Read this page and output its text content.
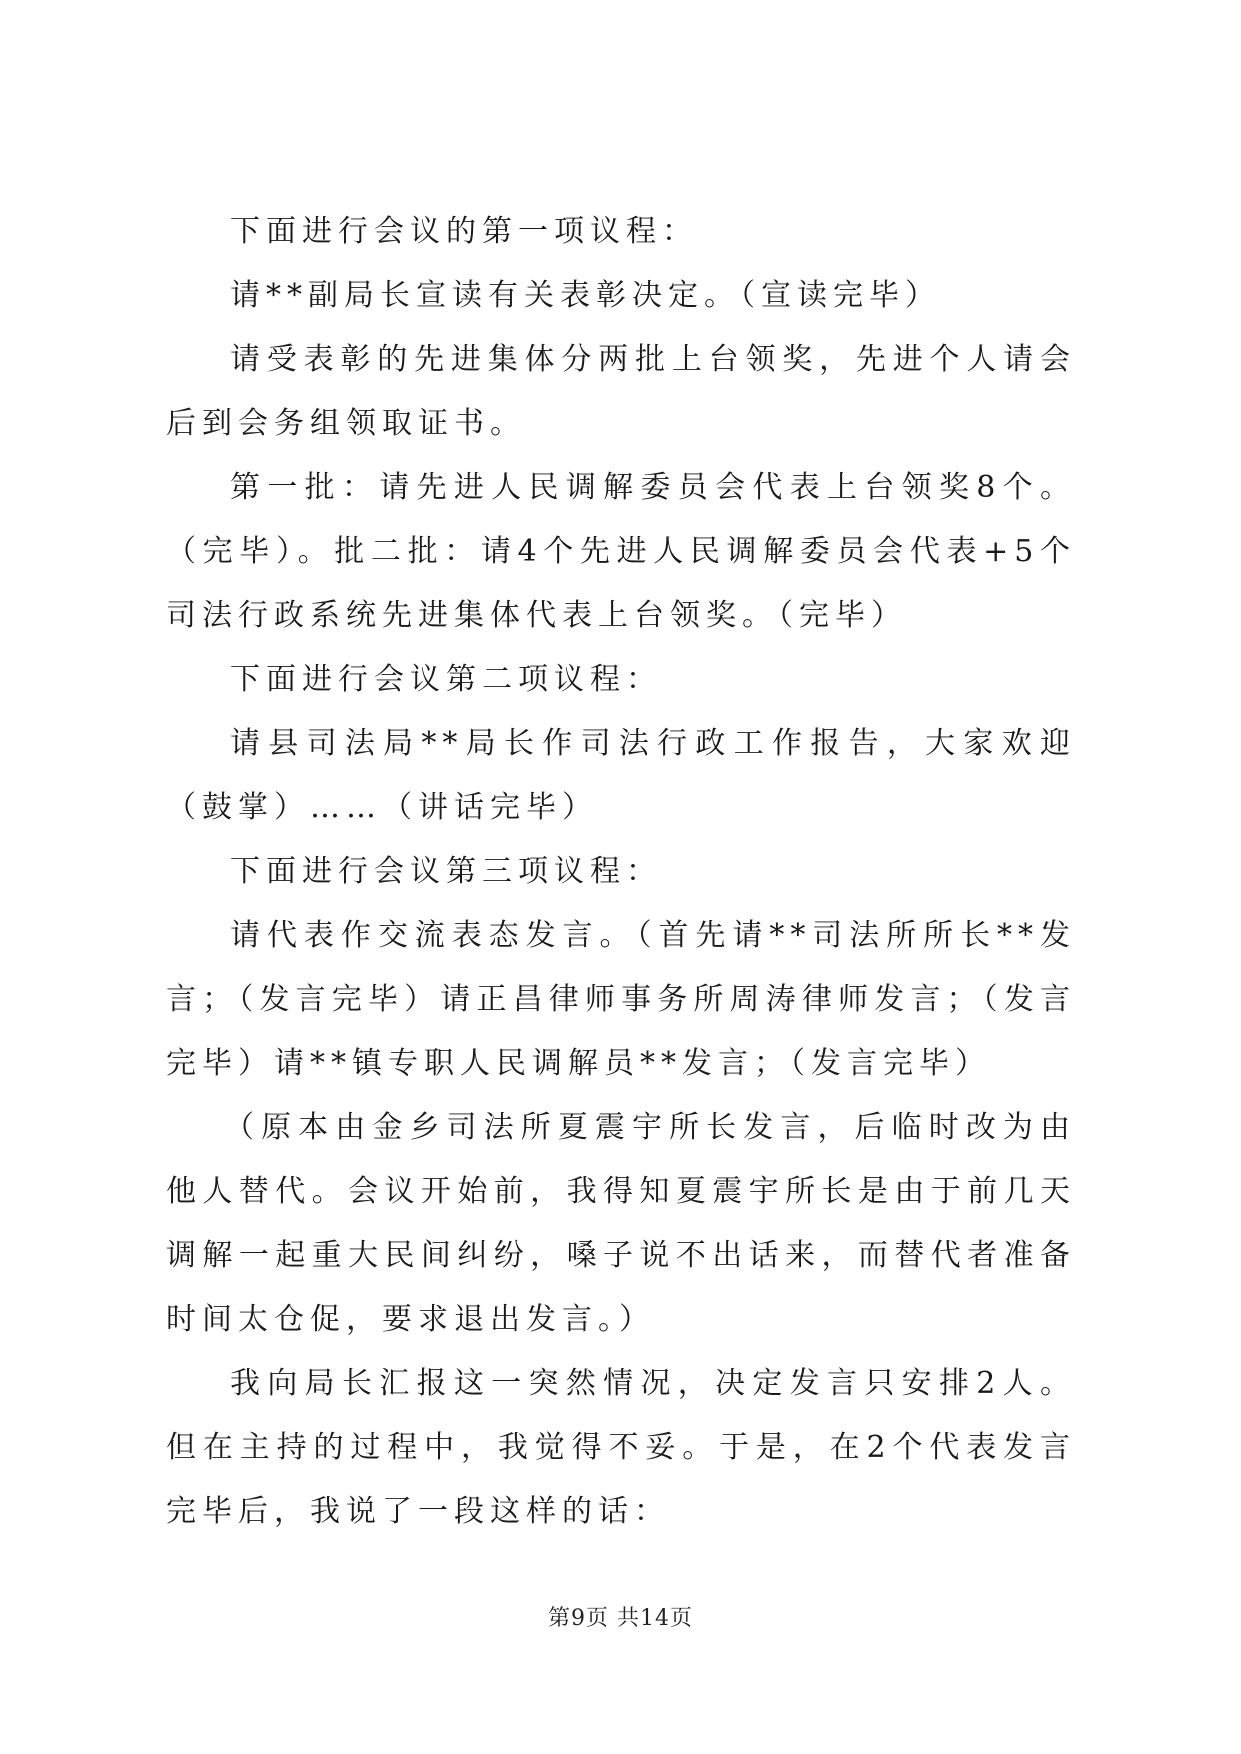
下面进行会议的第一项议程：

请**副局长宣读有关表彰决定。（宣读完毕）

请受表彰的先进集体分两批上台领奖，先进个人请会后到会务组领取证书。

第一批：请先进人民调解委员会代表上台领奖8个。（完毕）。批二批：请4个先进人民调解委员会代表+5个司法行政系统先进集体代表上台领奖。（完毕）

下面进行会议第二项议程：

请县司法局**局长作司法行政工作报告，大家欢迎（鼓掌）……（讲话完毕）

下面进行会议第三项议程：

请代表作交流表态发言。（首先请**司法所所长**发言；（发言完毕）请正昌律师事务所周涛律师发言；（发言完毕）请**镇专职人民调解员**发言；（发言完毕）

（原本由金乡司法所夏震宇所长发言，后临时改为由他人替代。会议开始前，我得知夏震宇所长是由于前几天调解一起重大民间纠纷，嗓子说不出话来，而替代者准备时间太仓促，要求退出发言。）

我向局长汇报这一突然情况，决定发言只安排2人。但在主持的过程中，我觉得不妥。于是，在2个代表发言完毕后，我说了一段这样的话：

第9页 共14页
